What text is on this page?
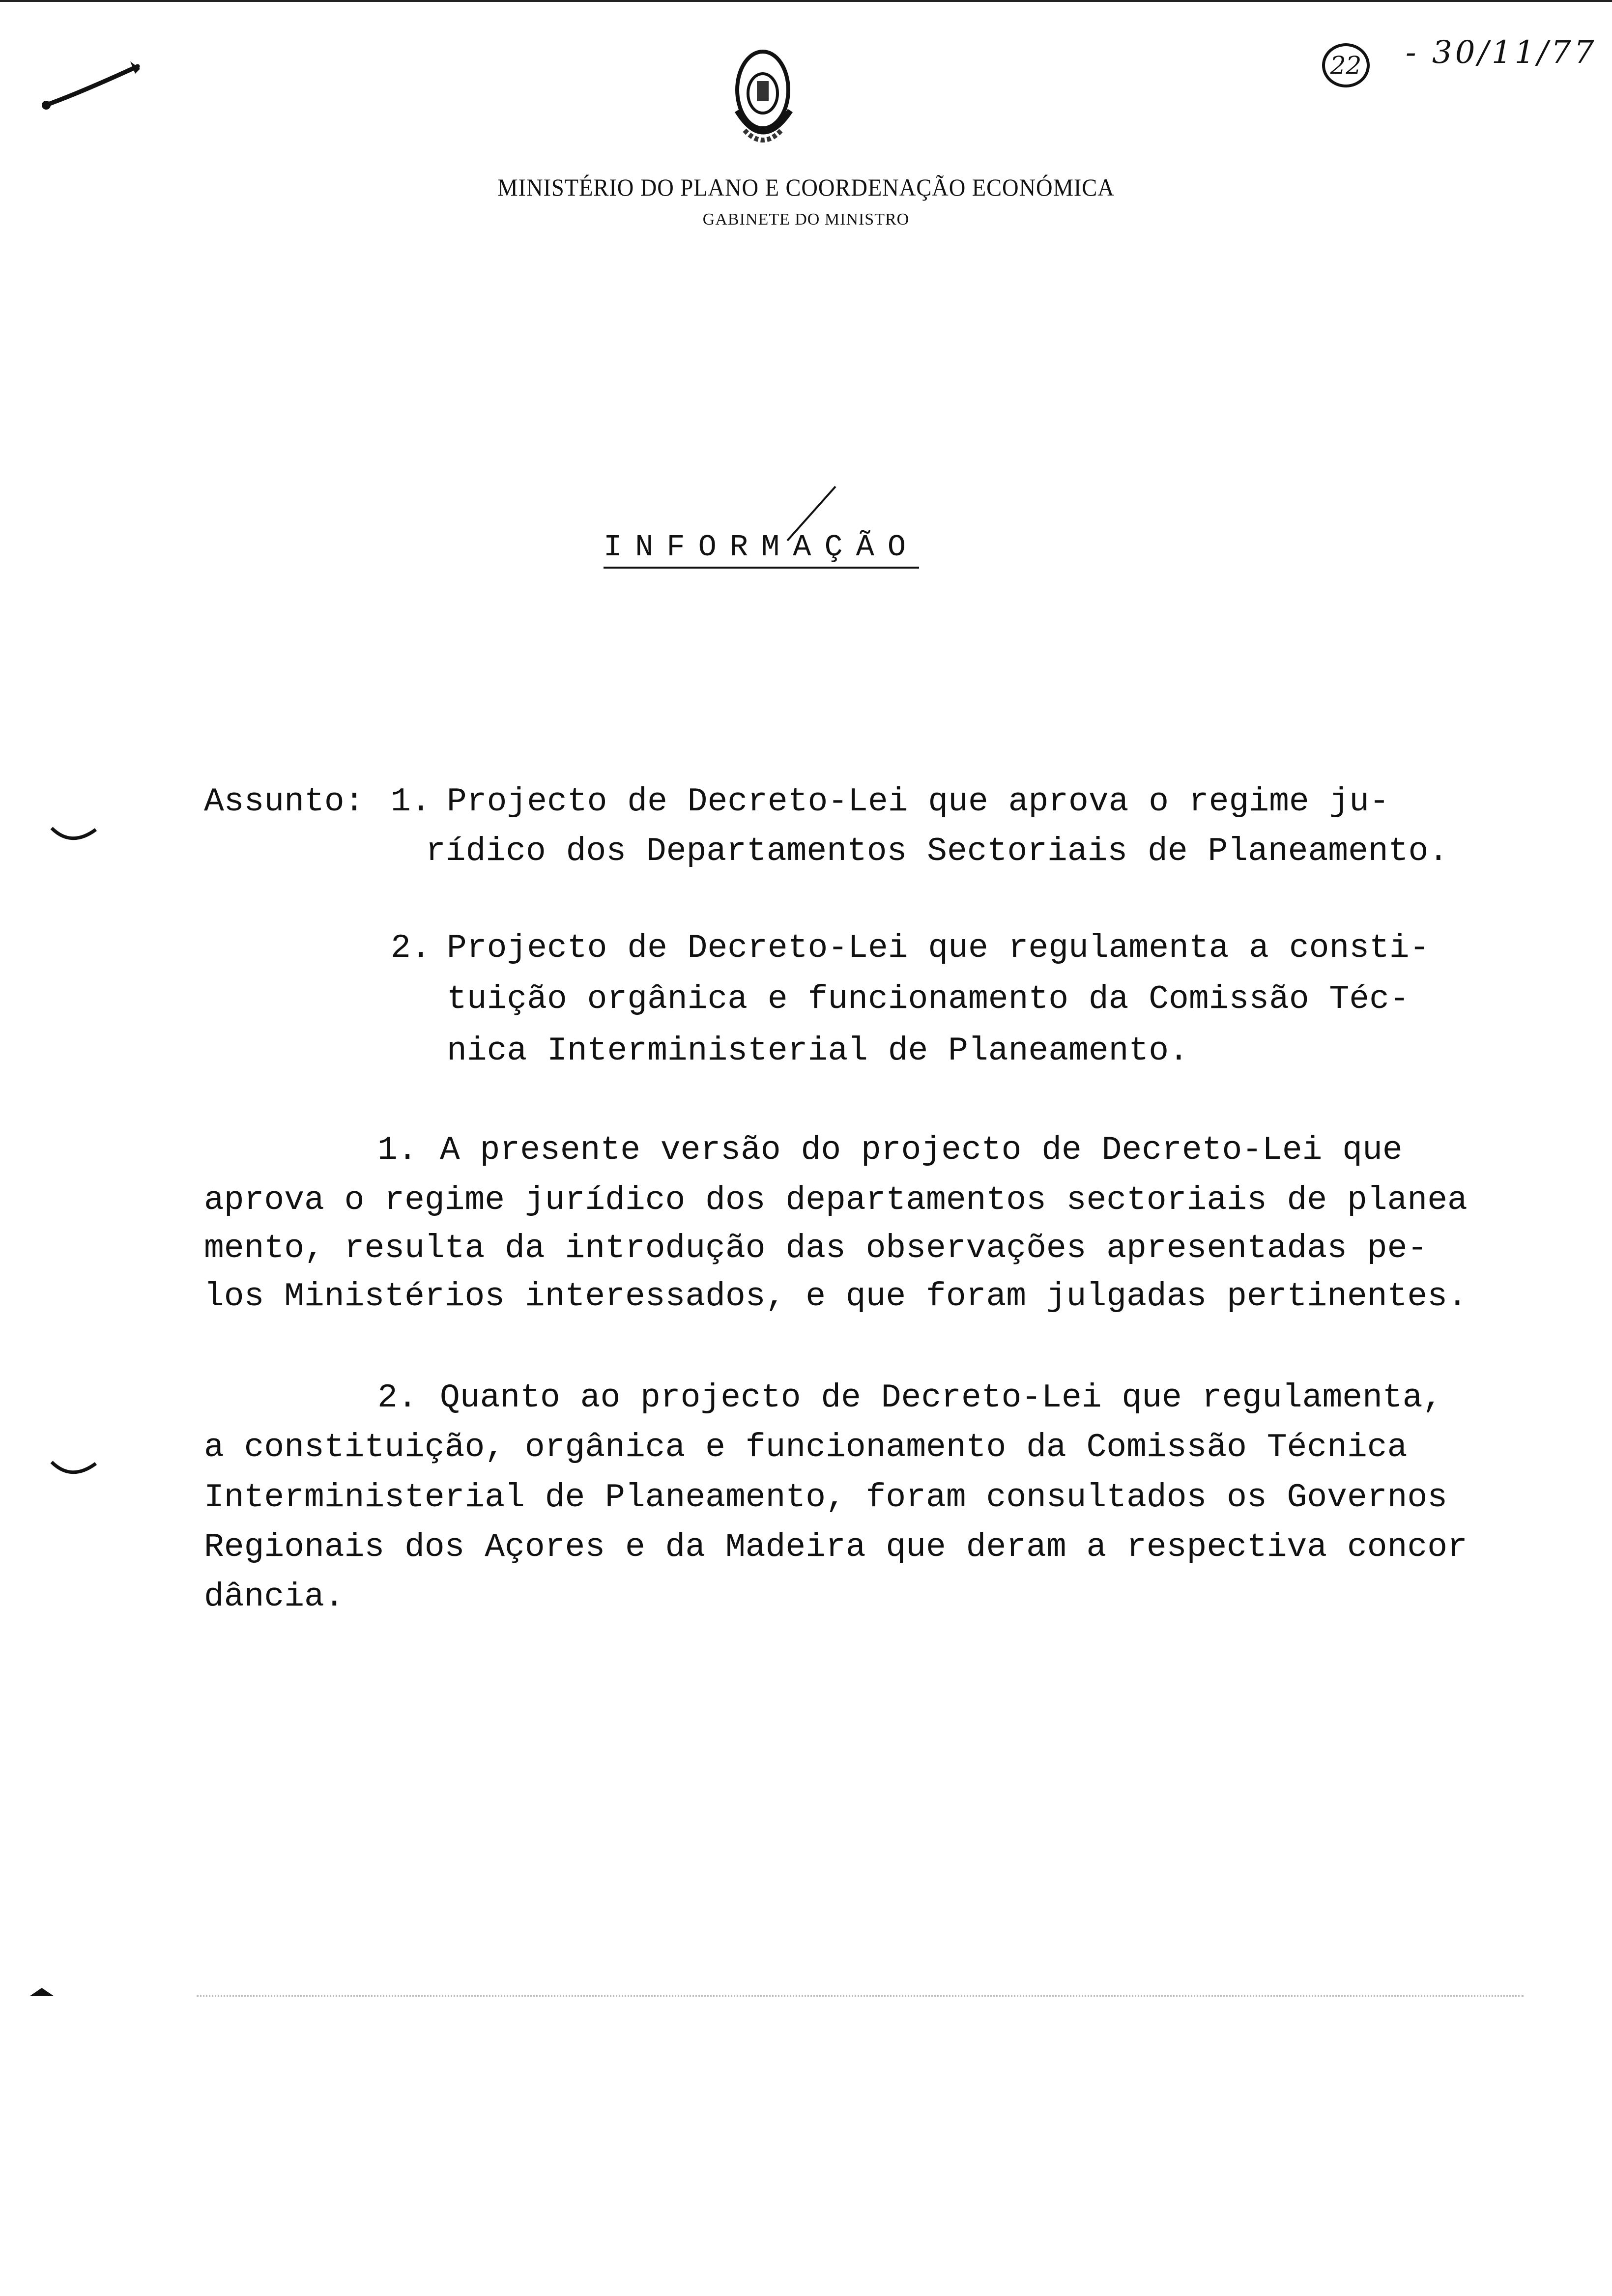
22 - 30/11/77
MINISTÉRIO DO PLANO E COORDENAÇÃO ECONÓMICA
GABINETE DO MINISTRO
INFORMAÇÃO
Assunto: 1. Projecto de Decreto-Lei que aprova o regime ju-
rídico dos Departamentos Sectoriais de Planeamento.
2. Projecto de Decreto-Lei que regulamenta a consti-
tuição orgânica e funcionamento da Comissão Téc-
nica Interministerial de Planeamento.
1. A presente versão do projecto de Decreto-Lei que
aprova o regime jurídico dos departamentos sectoriais de planea
mento, resulta da introdução das observações apresentadas pe-
los Ministérios interessados, e que foram julgadas pertinentes.
2. Quanto ao projecto de Decreto-Lei que regulamenta,
a constituição, orgânica e funcionamento da Comissão Técnica
Interministerial de Planeamento, foram consultados os Governos
Regionais dos Açores e da Madeira que deram a respectiva concor
dância.
